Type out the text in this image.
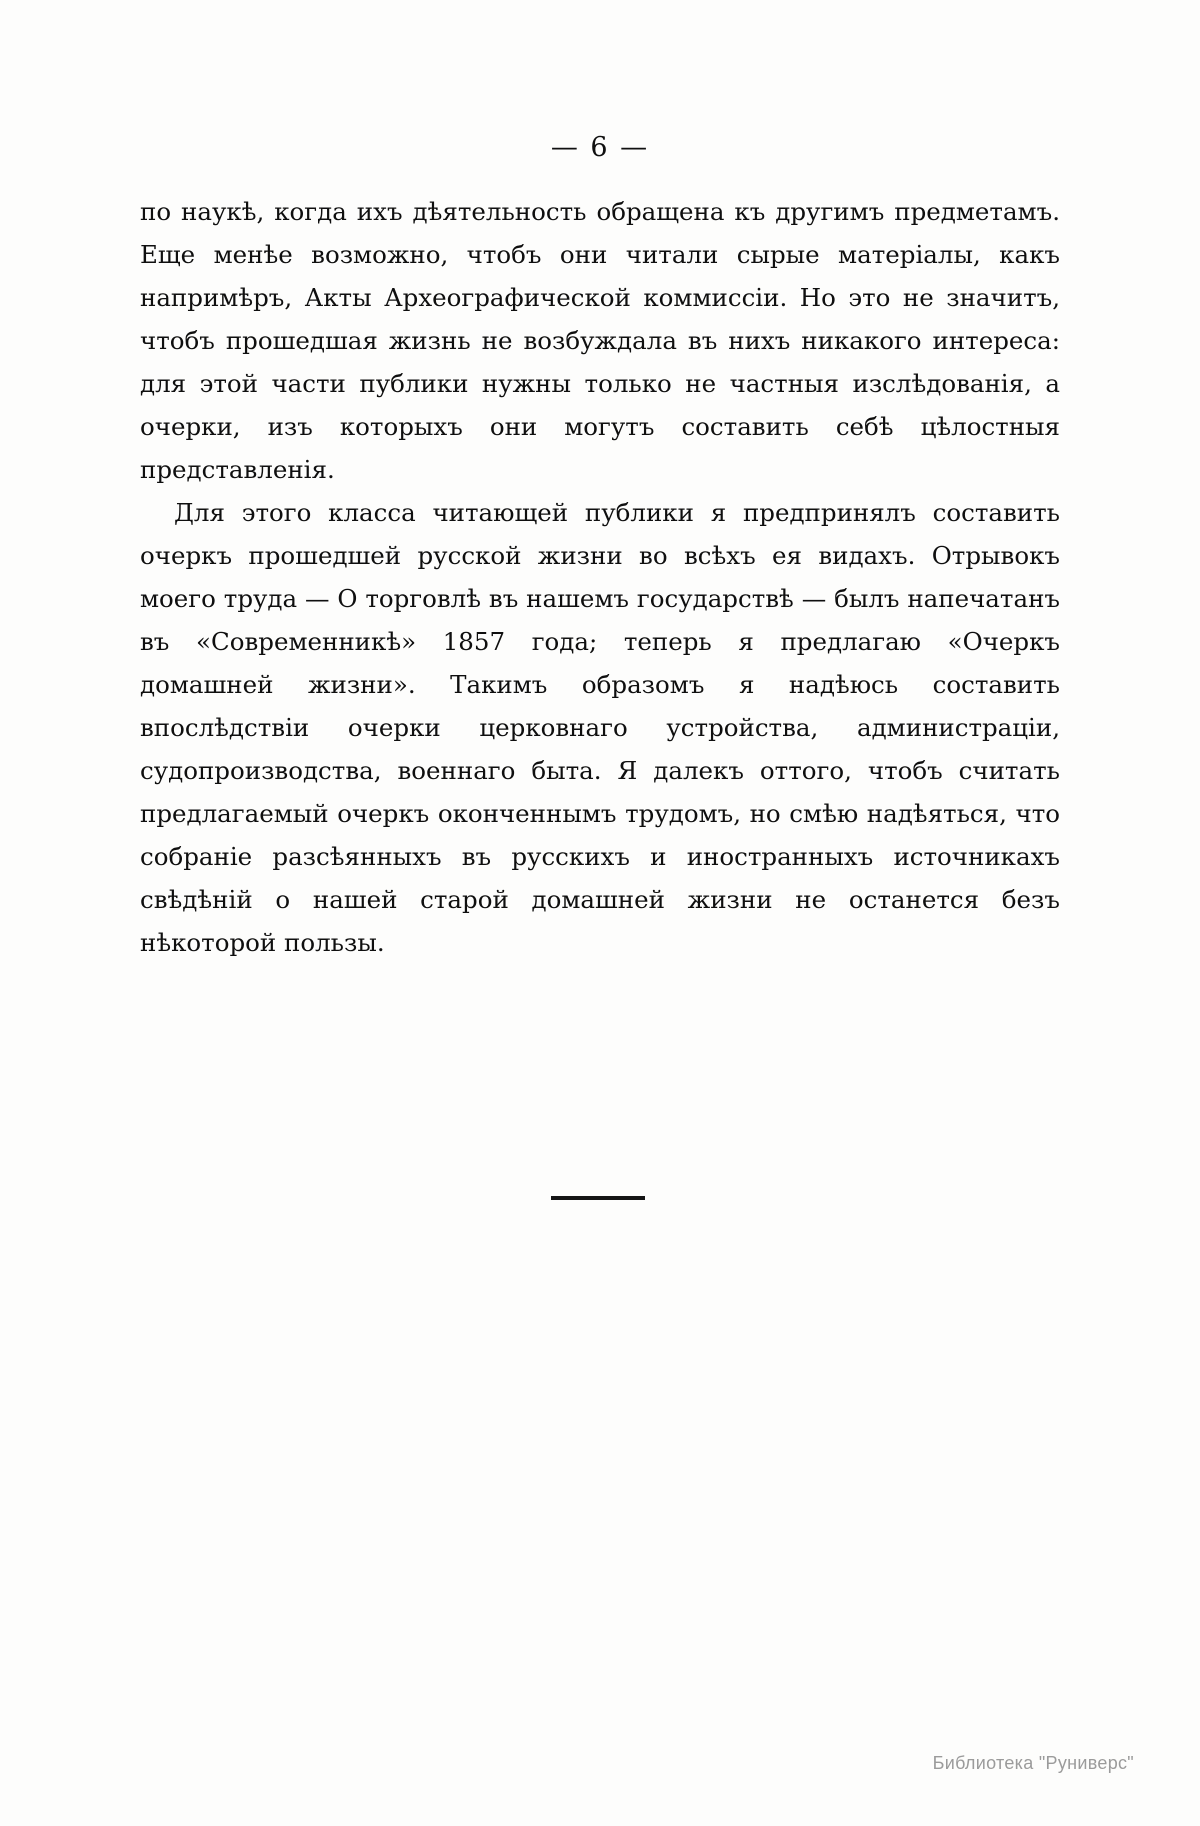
— 6 —

по наукѣ, когда ихъ дѣятельность обращена къ другимъ предметамъ. Еще менѣе возможно, чтобъ они читали сырые матеріалы, какъ напримѣръ, Акты Археографической коммиссіи. Но это не значитъ, чтобъ прошедшая жизнь не возбуждала въ нихъ никакого интереса: для этой части публики нужны только не частныя изслѣдованія, а очерки, изъ которыхъ они могутъ составить себѣ цѣлостныя представленія.

Для этого класса читающей публики я предпринялъ составить очеркъ прошедшей русской жизни во всѣхъ ея видахъ. Отрывокъ моего труда — О торговлѣ въ нашемъ государствѣ — былъ напечатанъ въ «Современникѣ» 1857 года; теперь я предлагаю «Очеркъ домашней жизни». Такимъ образомъ я надѣюсь составить впослѣдствіи очерки церковнаго устройства, администраціи, судопроизводства, военнаго быта. Я далекъ оттого, чтобъ считать предлагаемый очеркъ оконченнымъ трудомъ, но смѣю надѣяться, что собраніе разсѣянныхъ въ русскихъ и иностранныхъ источникахъ свѣдѣній о нашей старой домашней жизни не останется безъ нѣкоторой пользы.

Библиотека "Руниверс"
